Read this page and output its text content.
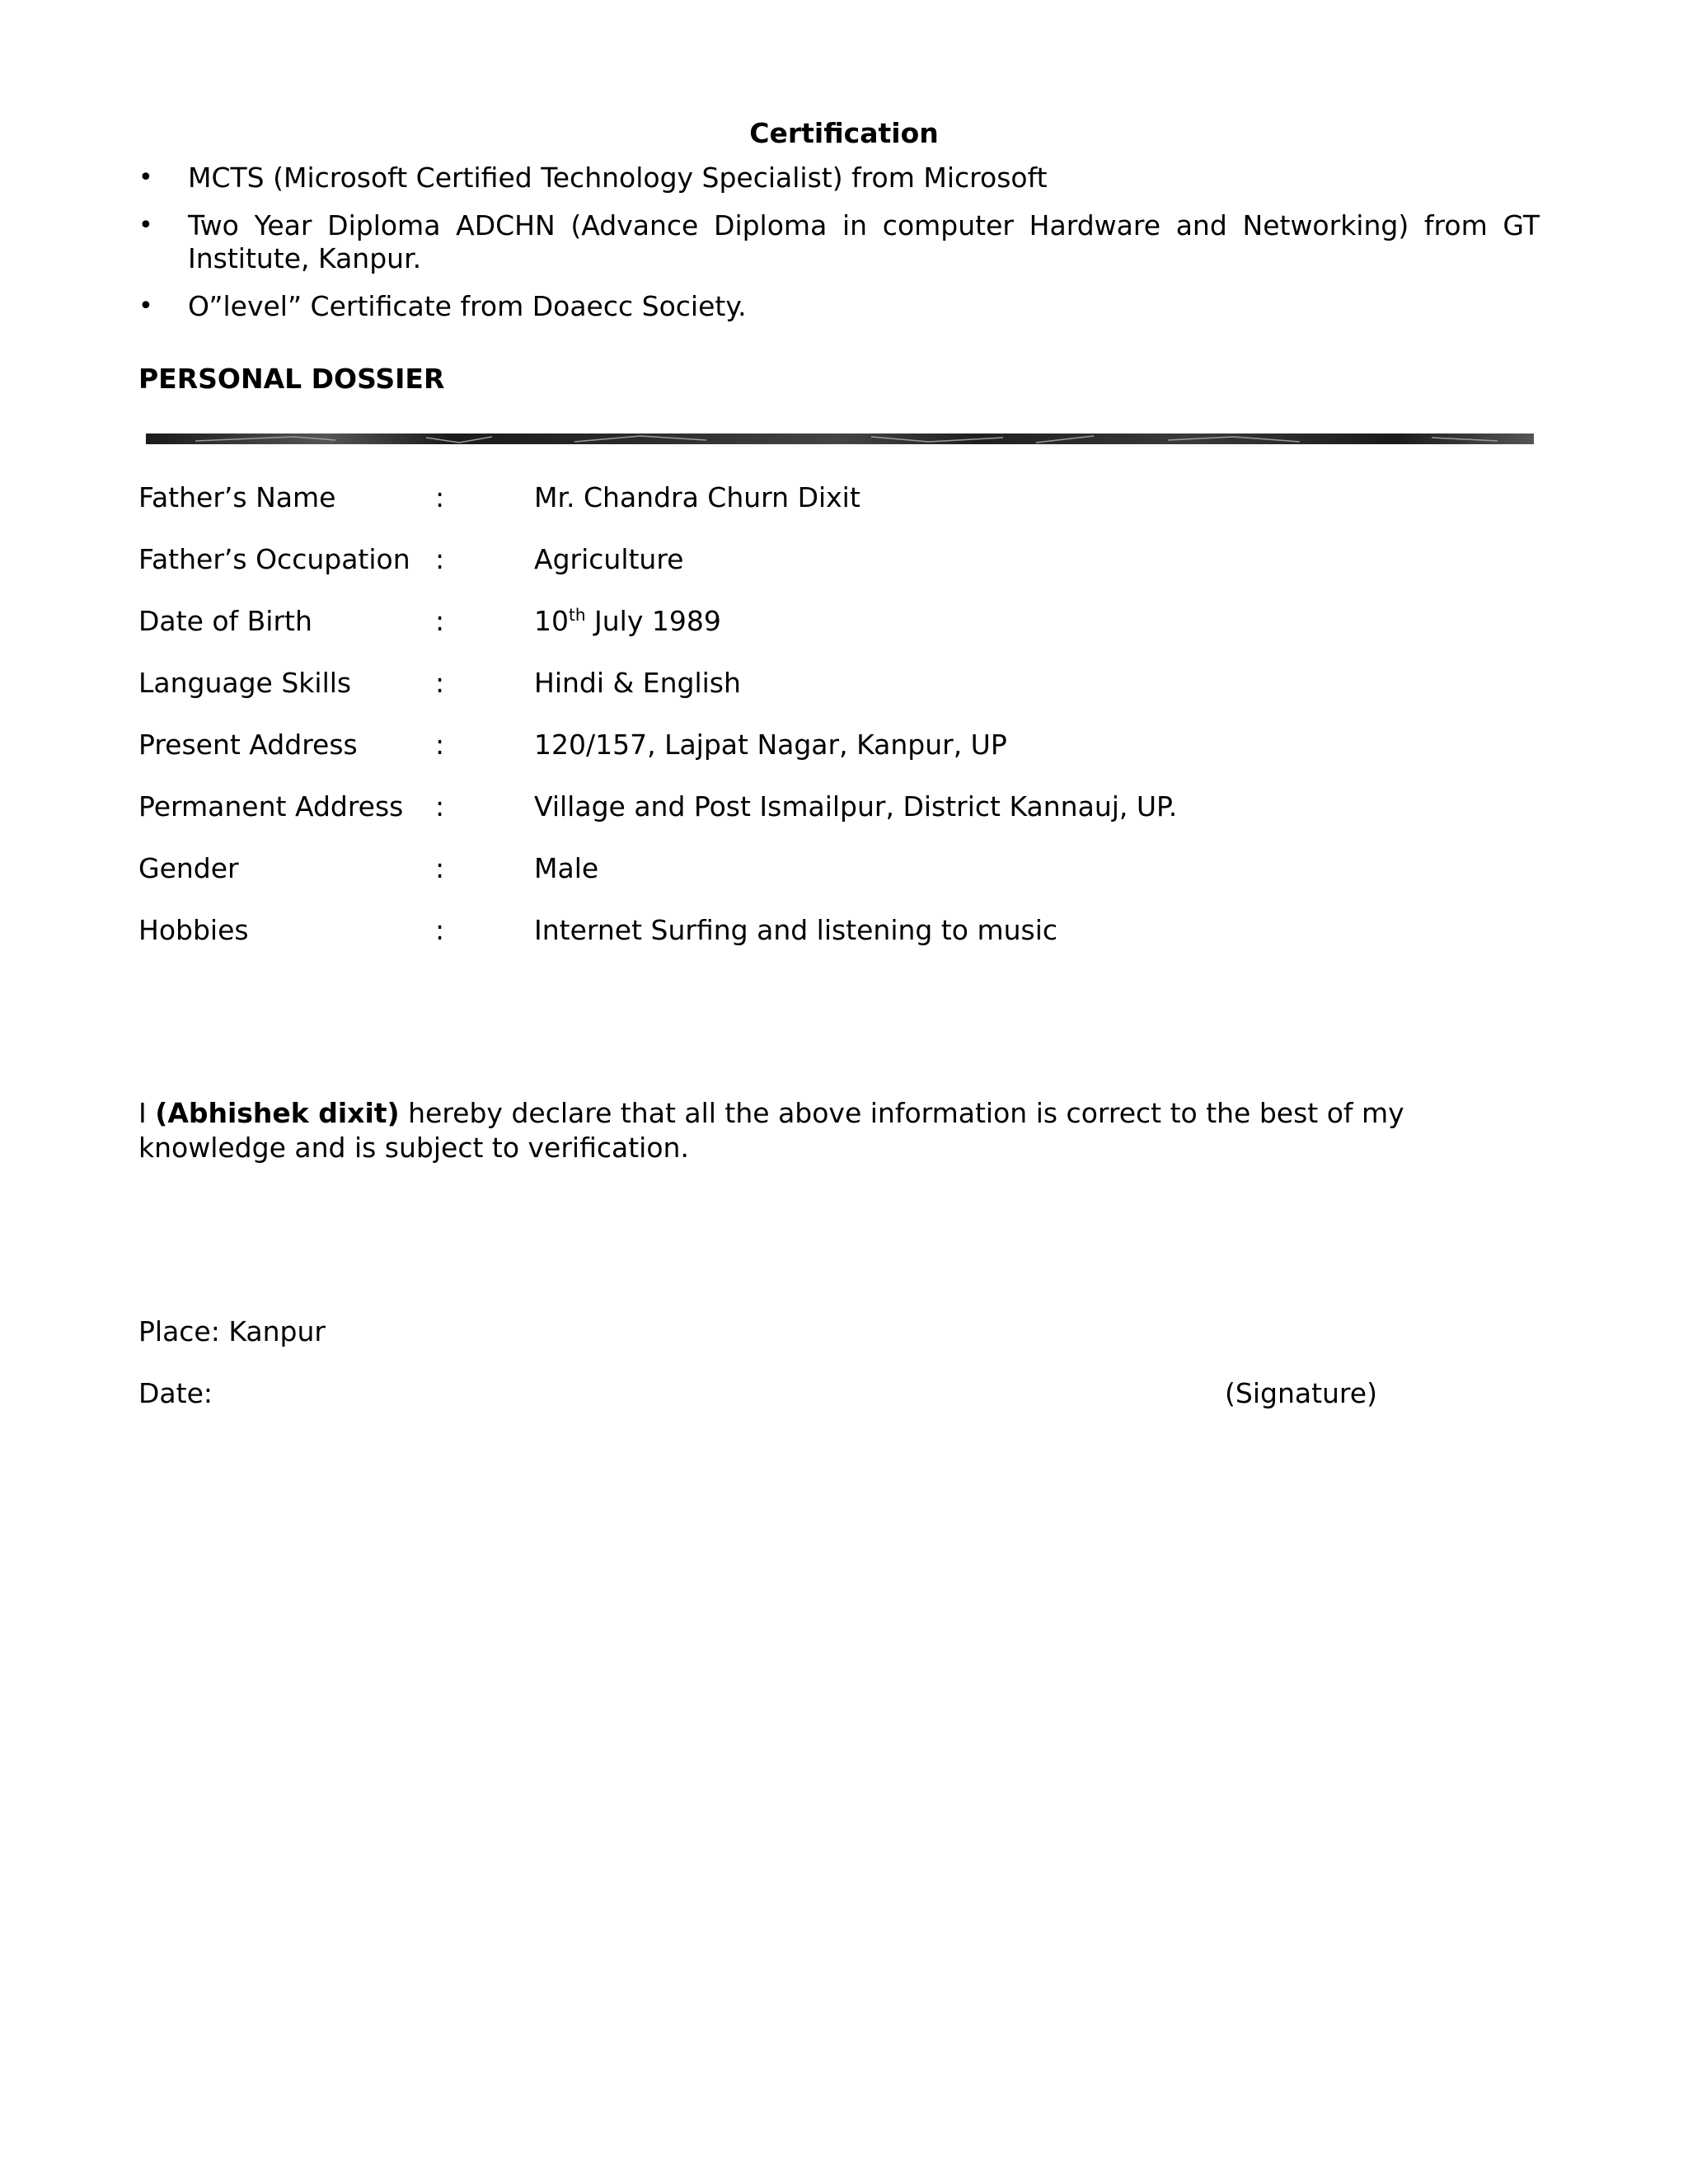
Certification
•	MCTS (Microsoft Certified Technology Specialist) from Microsoft
•	Two Year Diploma ADCHN (Advance Diploma in computer Hardware and Networking) from GT Institute, Kanpur.
•	O”level” Certificate from Doaecc Society.
PERSONAL DOSSIER
Father’s Name	:	Mr. Chandra Churn Dixit
Father’s Occupation :	Agriculture
Date of Birth	:	10th July 1989
Language Skills	:	Hindi & English
Present Address	:	120/157, Lajpat Nagar, Kanpur, UP
Permanent Address :	Village and Post Ismailpur, District Kannauj, UP.
Gender	:	Male
Hobbies	:	Internet Surfing and listening to music
I (Abhishek dixit) hereby declare that all the above information is correct to the best of my knowledge and is subject to verification.
Place: Kanpur
Date:	(Signature)
